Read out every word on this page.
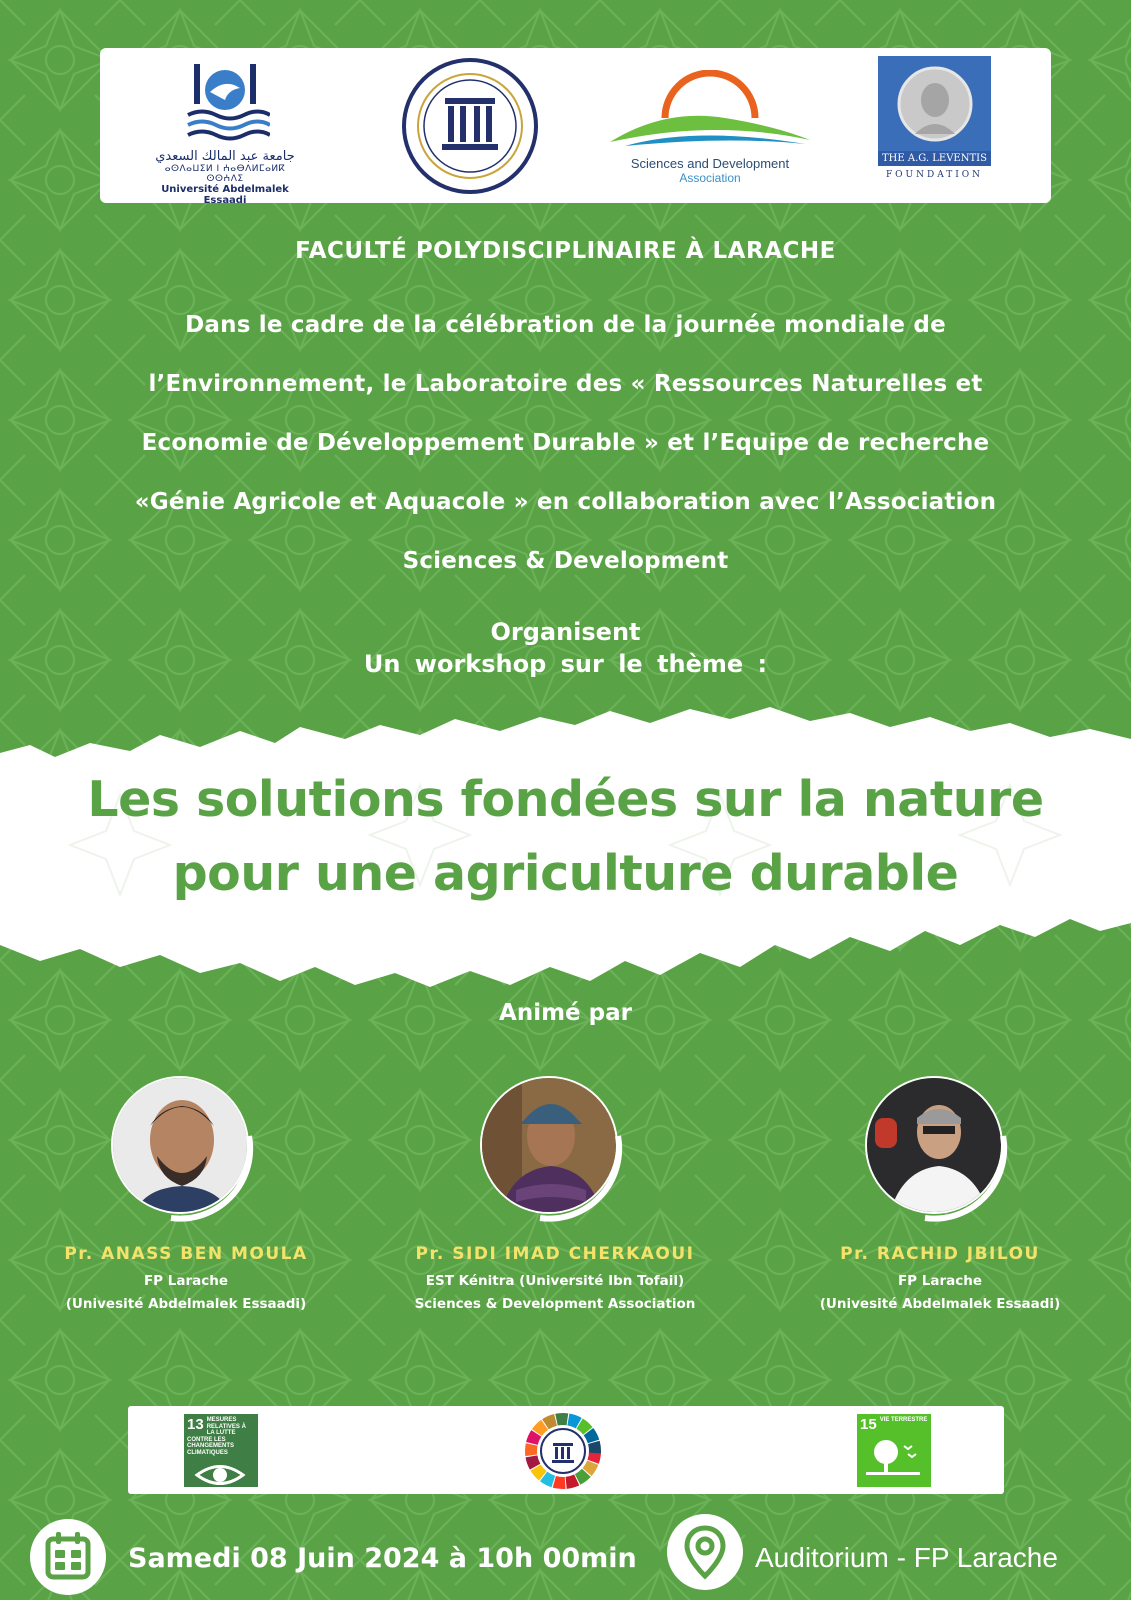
جامعة عبد المالك السعدي
ⴰⵙⴷⴰⵡⵉⵍ ⵏ ⵄⴰⴱⴷⵍⵎⴰⵍⴽ ⵙⵙⵄⴷⵉ
Université Abdelmalek Essaadi
Sciences and Development
Association
THE A.G. LEVENTIS
FOUNDATION
FACULTÉ POLYDISCIPLINAIRE À LARACHE
Dans le cadre de la célébration de la journée mondiale de
l’Environnement, le Laboratoire des « Ressources Naturelles et
Economie de Développement Durable » et l’Equipe de recherche
«Génie Agricole et Aquacole » en collaboration avec l’Association
Sciences & Development
Organisent
Un workshop sur le thème :
Les solutions fondées sur la nature
pour une agriculture durable
Animé par
Pr. ANASS BEN MOULA
FP Larache
(Univesité Abdelmalek Essaadi)
Pr. SIDI IMAD CHERKAOUI
EST Kénitra (Université Ibn Tofail)
Sciences & Development Association
Pr. RACHID JBILOU
FP Larache
(Univesité Abdelmalek Essaadi)
13 MESURES RELATIVES À LA LUTTE CONTRE LES CHANGEMENTS CLIMATIQUES
15 VIE TERRESTRE
Samedi 08 Juin 2024 à 10h 00min	Auditorium - FP Larache
